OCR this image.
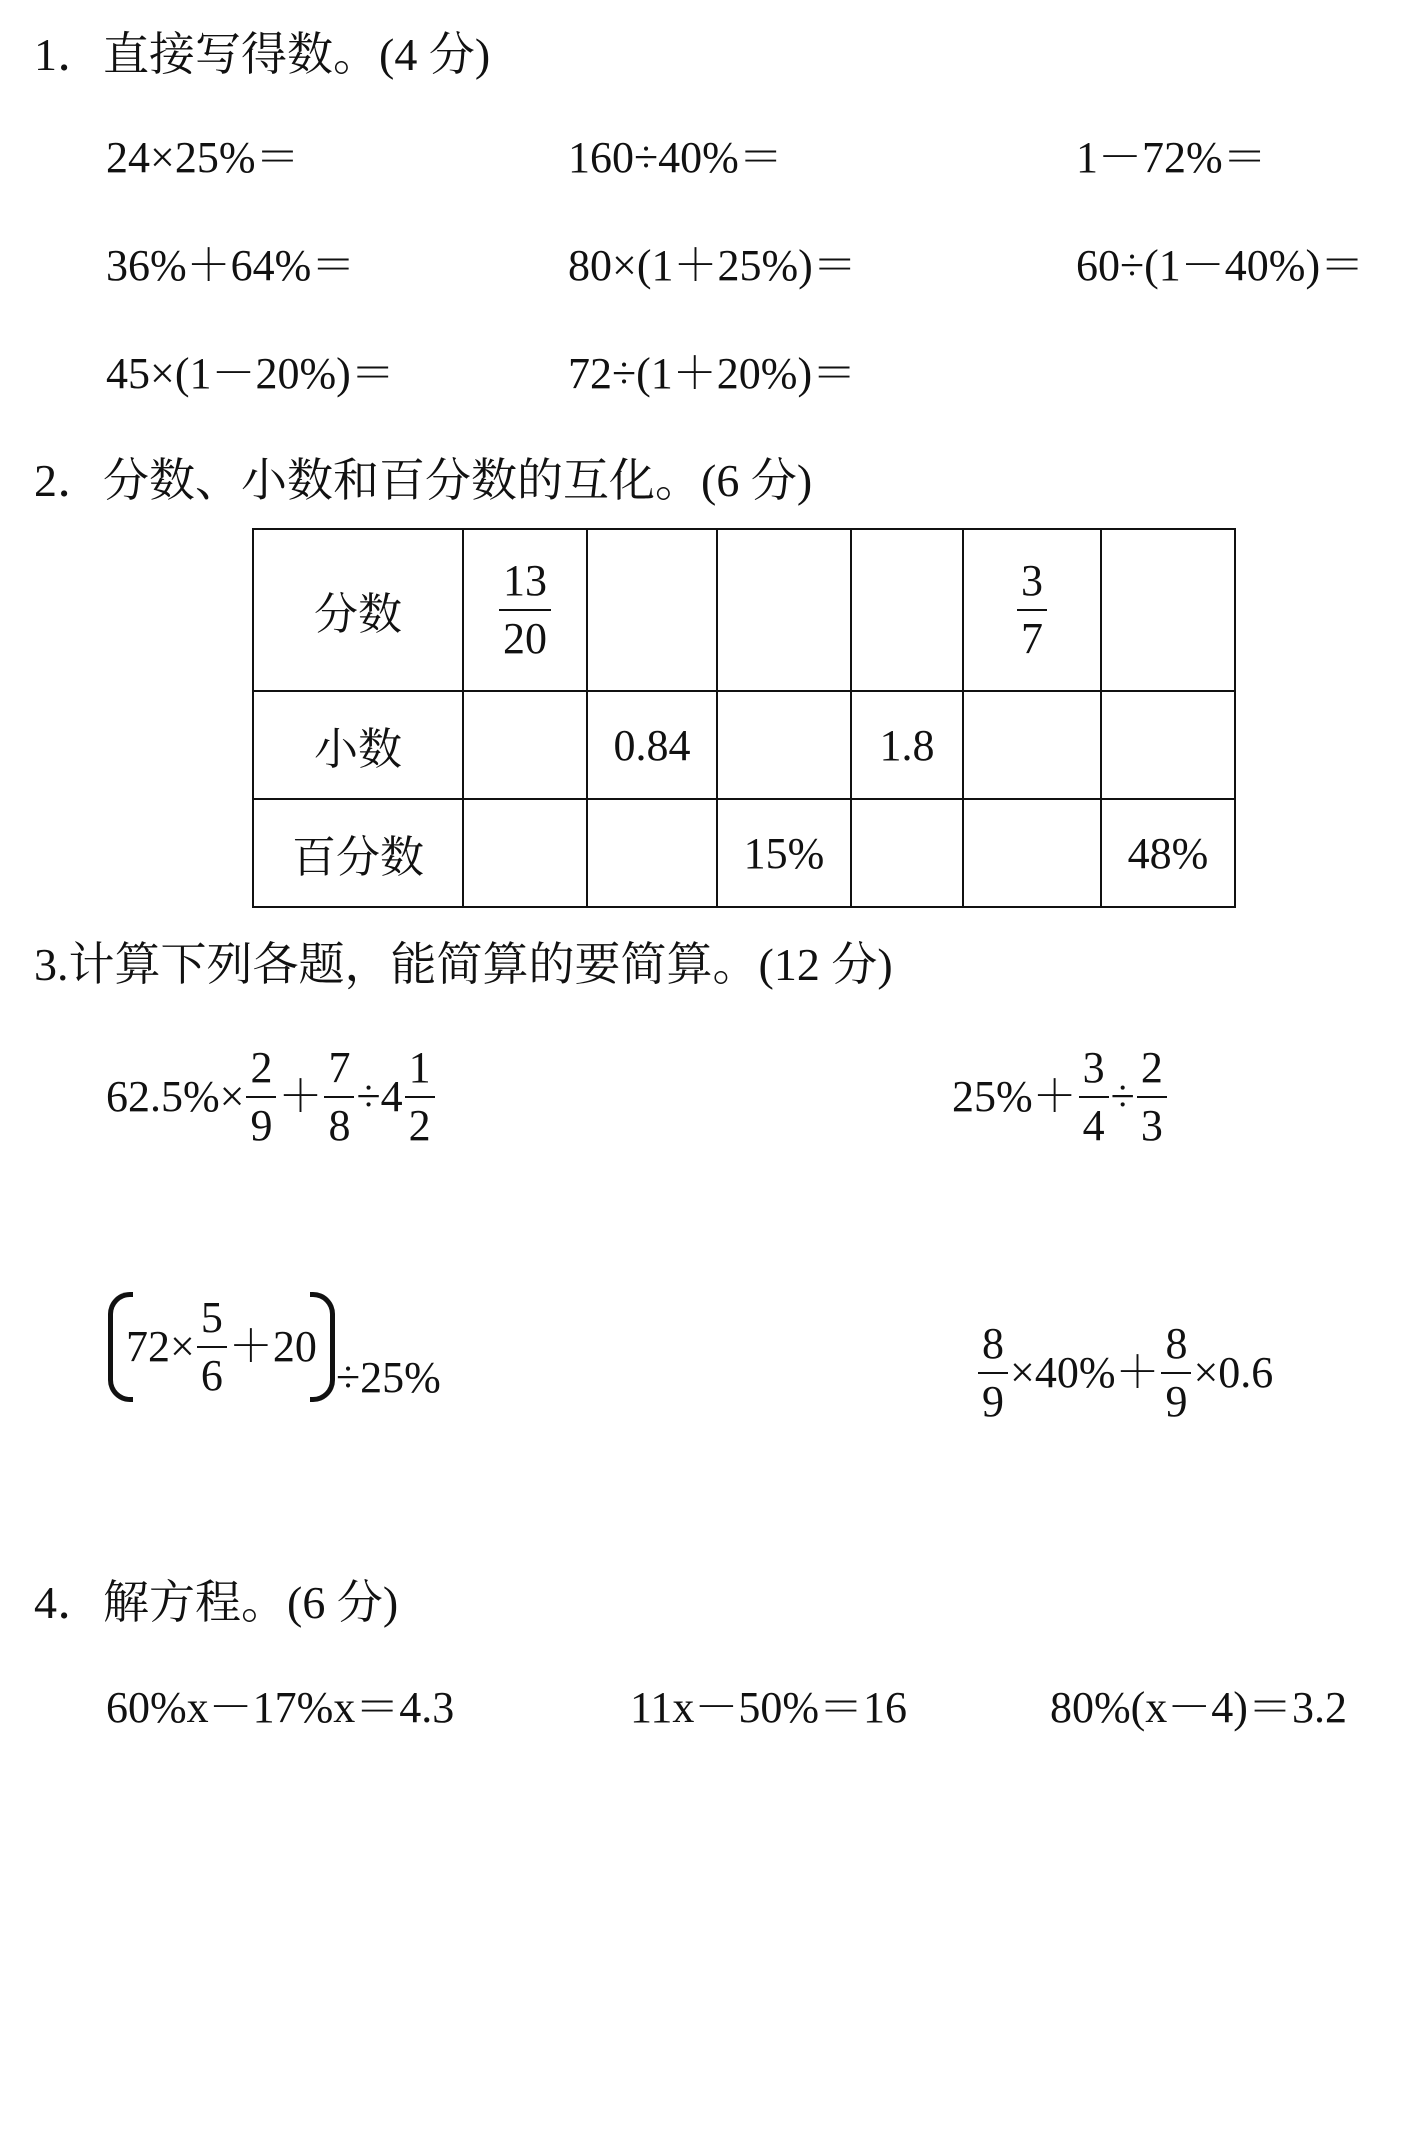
1．直接写得数。(4 分)
24×25%＝	160÷40%＝	1－72%＝
36%＋64%＝	80×(1＋25%)＝	60÷(1－40%)＝
45×(1－20%)＝	72÷(1＋20%)＝
2．分数、小数和百分数的互化。(6 分)
分数	$\frac{13}{20}$				$\frac{3}{7}$

小数		0.84		1.8		
百分数			15%			48%
3.计算下列各题，能简算的要简算。(12 分)
$62.5\%\times \frac{2}{9} + \frac{7}{8} \div 4 \frac{1}{2}$	$25\%+ \frac{3}{4} \div \frac{2}{3}$
$72\times \frac{5}{6} +20$
÷25%	$\frac{8}{9} \times 40\%+ \frac{8}{9} \times 0.6$
4．解方程。(6 分)
60%x－17%x＝4.3	11x－50%＝16	80%(x－4)＝3.2
